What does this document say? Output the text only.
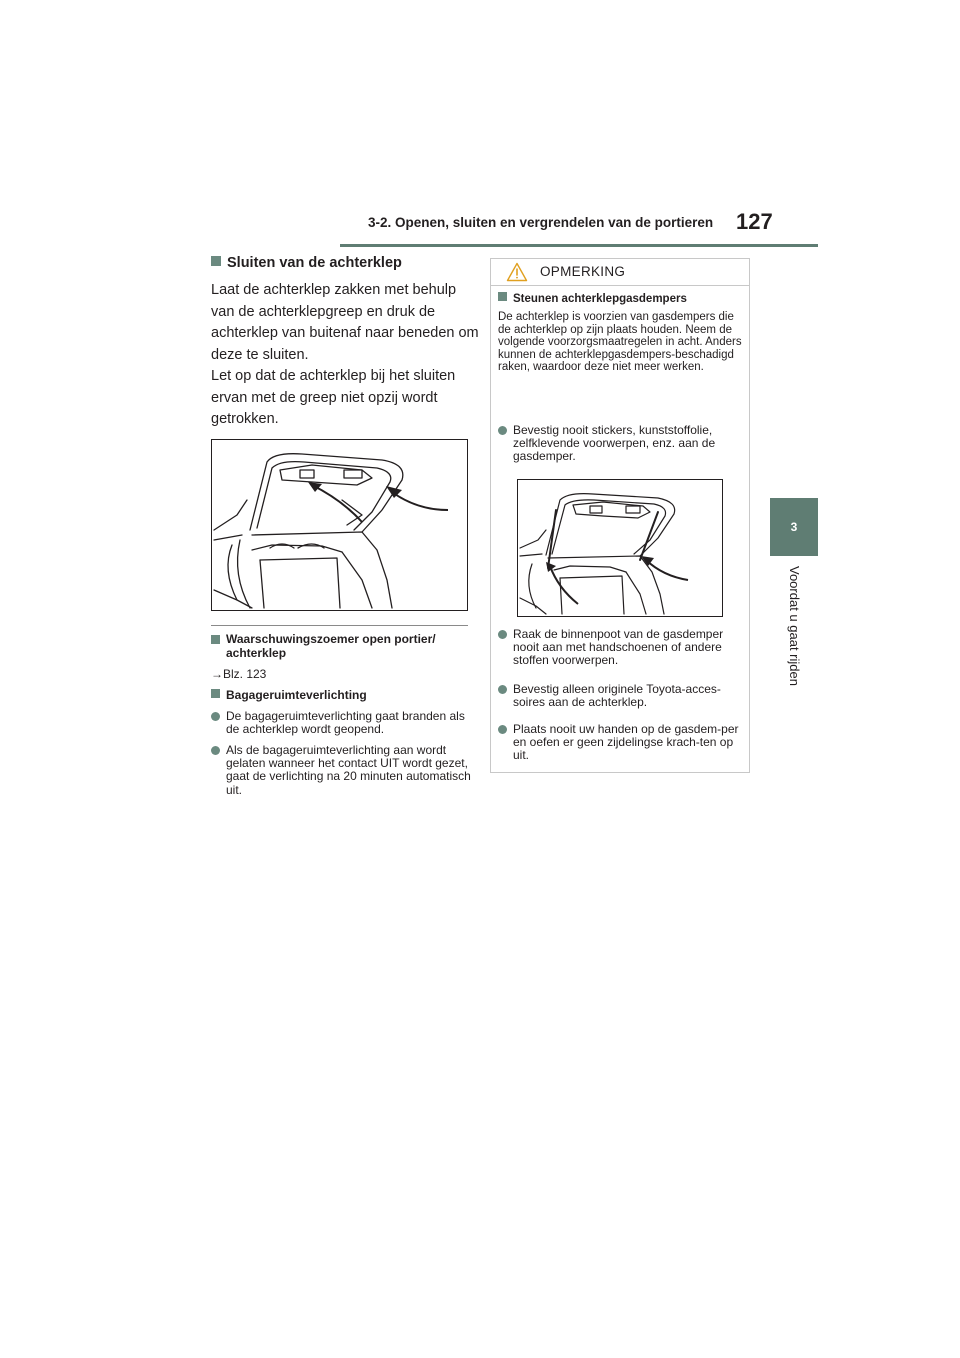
3-2. Openen, sluiten en vergrendelen van de portieren 127
3
Voordat u gaat rijden
Sluiten van de achterklep
Laat de achterklep zakken met behulp van de achterklepgreep en druk de achterklep van buitenaf naar beneden om deze te sluiten.
Let op dat de achterklep bij het sluiten ervan met de greep niet opzij wordt getrokken.
Waarschuwingszoemer open portier/ achterklep
→Blz. 123
Bagageruimteverlichting
De bagageruimteverlichting gaat branden als de achterklep wordt geopend.
Als de bagageruimteverlichting aan wordt gelaten wanneer het contact UIT wordt gezet, gaat de verlichting na 20 minuten automatisch uit.
OPMERKING
Steunen achterklepgasdempers
De achterklep is voorzien van gasdempers die de achterklep op zijn plaats houden. Neem de volgende voorzorgsmaatregelen in acht. Anders kunnen de achterklepgasdempers-beschadigd raken, waardoor deze niet meer werken.
Bevestig nooit stickers, kunststoffolie, zelfklevende voorwerpen, enz. aan de gasdemper.
Raak de binnenpoot van de gasdemper nooit aan met handschoenen of andere stoffen voorwerpen.
Bevestig alleen originele Toyota-acces-soires aan de achterklep.
Plaats nooit uw handen op de gasdem-per en oefen er geen zijdelingse krach-ten op uit.
